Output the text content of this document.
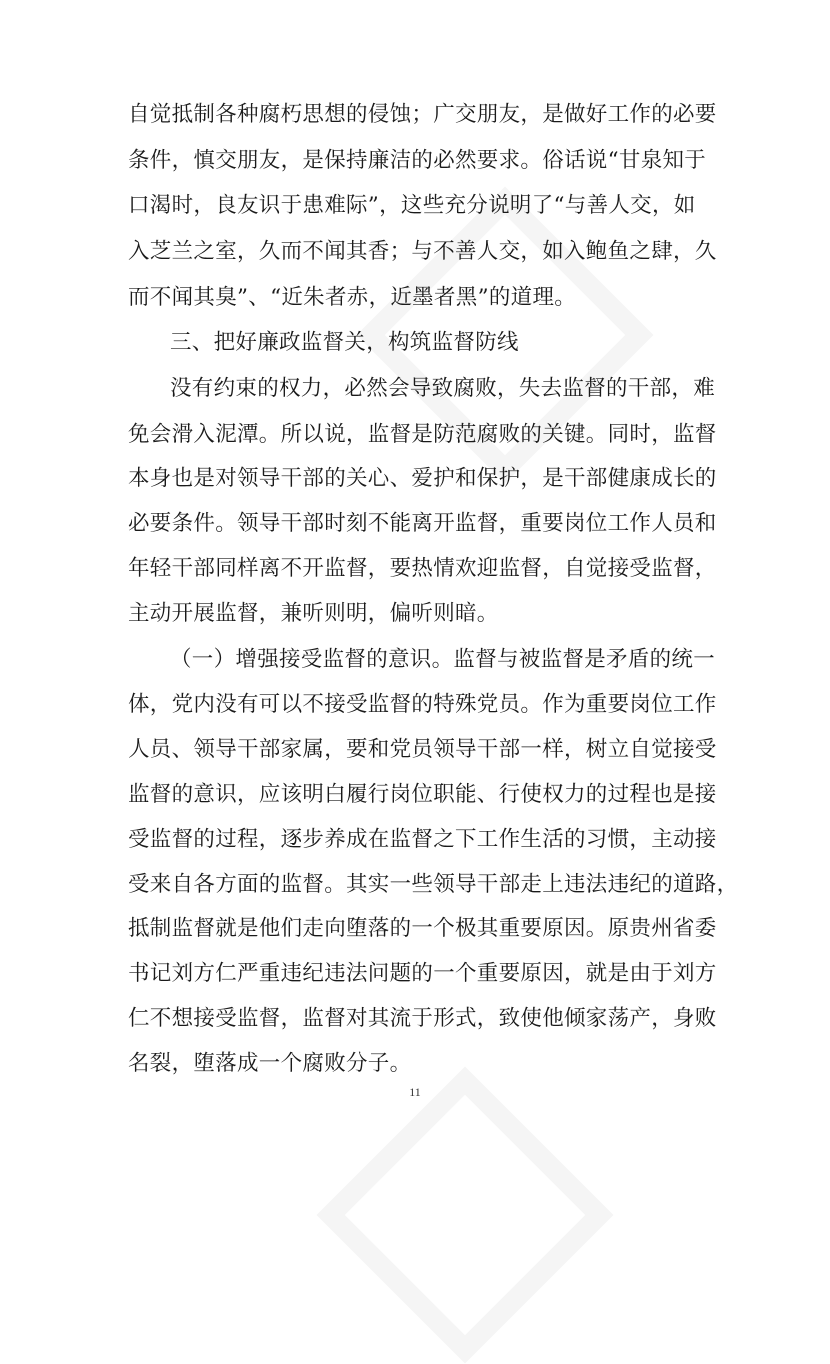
自觉抵制各种腐朽思想的侵蚀；广交朋友，是做好工作的必要
条件，慎交朋友，是保持廉洁的必然要求。俗话说“甘泉知于
口渴时，良友识于患难际”，这些充分说明了“与善人交，如
入芝兰之室，久而不闻其香；与不善人交，如入鲍鱼之肆，久
而不闻其臭”、“近朱者赤，近墨者黑”的道理。
三、把好廉政监督关，构筑监督防线
没有约束的权力，必然会导致腐败，失去监督的干部，难
免会滑入泥潭。所以说，监督是防范腐败的关键。同时，监督
本身也是对领导干部的关心、爱护和保护，是干部健康成长的
必要条件。领导干部时刻不能离开监督，重要岗位工作人员和
年轻干部同样离不开监督，要热情欢迎监督，自觉接受监督，
主动开展监督，兼听则明，偏听则暗。
（一）增强接受监督的意识。监督与被监督是矛盾的统一
体，党内没有可以不接受监督的特殊党员。作为重要岗位工作
人员、领导干部家属，要和党员领导干部一样，树立自觉接受
监督的意识，应该明白履行岗位职能、行使权力的过程也是接
受监督的过程，逐步养成在监督之下工作生活的习惯，主动接
受来自各方面的监督。其实一些领导干部走上违法违纪的道路，
抵制监督就是他们走向堕落的一个极其重要原因。原贵州省委
书记刘方仁严重违纪违法问题的一个重要原因，就是由于刘方
仁不想接受监督，监督对其流于形式，致使他倾家荡产，身败
名裂，堕落成一个腐败分子。
11
